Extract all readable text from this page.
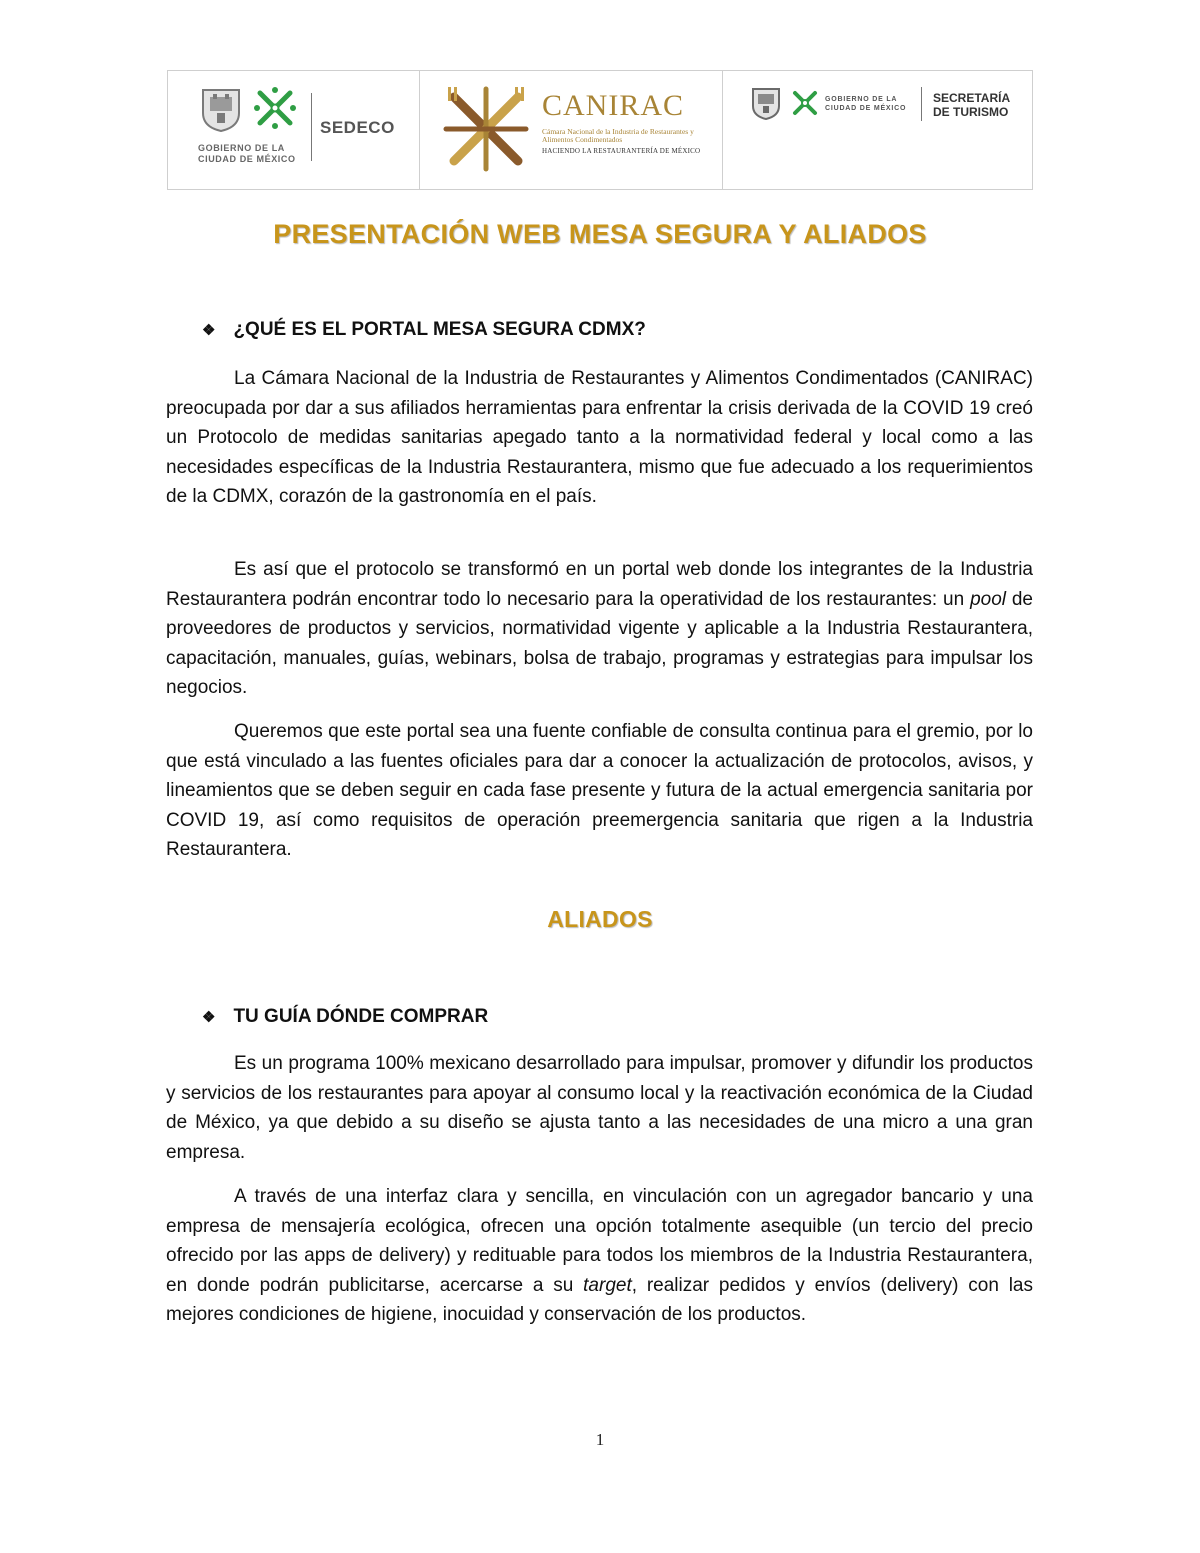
GOBIERNO DE LA
CIUDAD DE MÉXICO
SEDECO
CANIRAC
Cámara Nacional de la Industria de Restaurantes y Alimentos Condimentados
HACIENDO LA RESTAURANTERÍA DE MÉXICO
GOBIERNO DE LA
CIUDAD DE MÉXICO
SECRETARÍA
DE TURISMO
PRESENTACIÓN WEB MESA SEGURA Y ALIADOS
❖ ¿QUÉ ES EL PORTAL MESA SEGURA CDMX?

La Cámara Nacional de la Industria de Restaurantes y Alimentos Condimentados (CANIRAC) preocupada por dar a sus afiliados herramientas para enfrentar la crisis derivada de la COVID 19 creó un Protocolo de medidas sanitarias apegado tanto a la normatividad federal y local como a las necesidades específicas de la Industria Restaurantera, mismo que fue adecuado a los requerimientos de la CDMX, corazón de la gastronomía en el país.

Es así que el protocolo se transformó en un portal web donde los integrantes de la Industria Restaurantera podrán encontrar todo lo necesario para la operatividad de los restaurantes: un pool de proveedores de productos y servicios, normatividad vigente y aplicable a la Industria Restaurantera, capacitación, manuales, guías, webinars, bolsa de trabajo, programas y estrategias para impulsar los negocios.

Queremos que este portal sea una fuente confiable de consulta continua para el gremio, por lo que está vinculado a las fuentes oficiales para dar a conocer la actualización de protocolos, avisos, y lineamientos que se deben seguir en cada fase presente y futura de la actual emergencia sanitaria por COVID 19, así como requisitos de operación preemergencia sanitaria que rigen a la Industria Restaurantera.

ALIADOS
❖ TU GUÍA DÓNDE COMPRAR

Es un programa 100% mexicano desarrollado para impulsar, promover y difundir los productos y servicios de los restaurantes para apoyar al consumo local y la reactivación económica de la Ciudad de México, ya que debido a su diseño se ajusta tanto a las necesidades de una micro a una gran empresa.

A través de una interfaz clara y sencilla, en vinculación con un agregador bancario y una empresa de mensajería ecológica, ofrecen una opción totalmente asequible (un tercio del precio ofrecido por las apps de delivery) y redituable para todos los miembros de la Industria Restaurantera, en donde podrán publicitarse, acercarse a su target, realizar pedidos y envíos (delivery) con las mejores condiciones de higiene, inocuidad y conservación de los productos.

1
